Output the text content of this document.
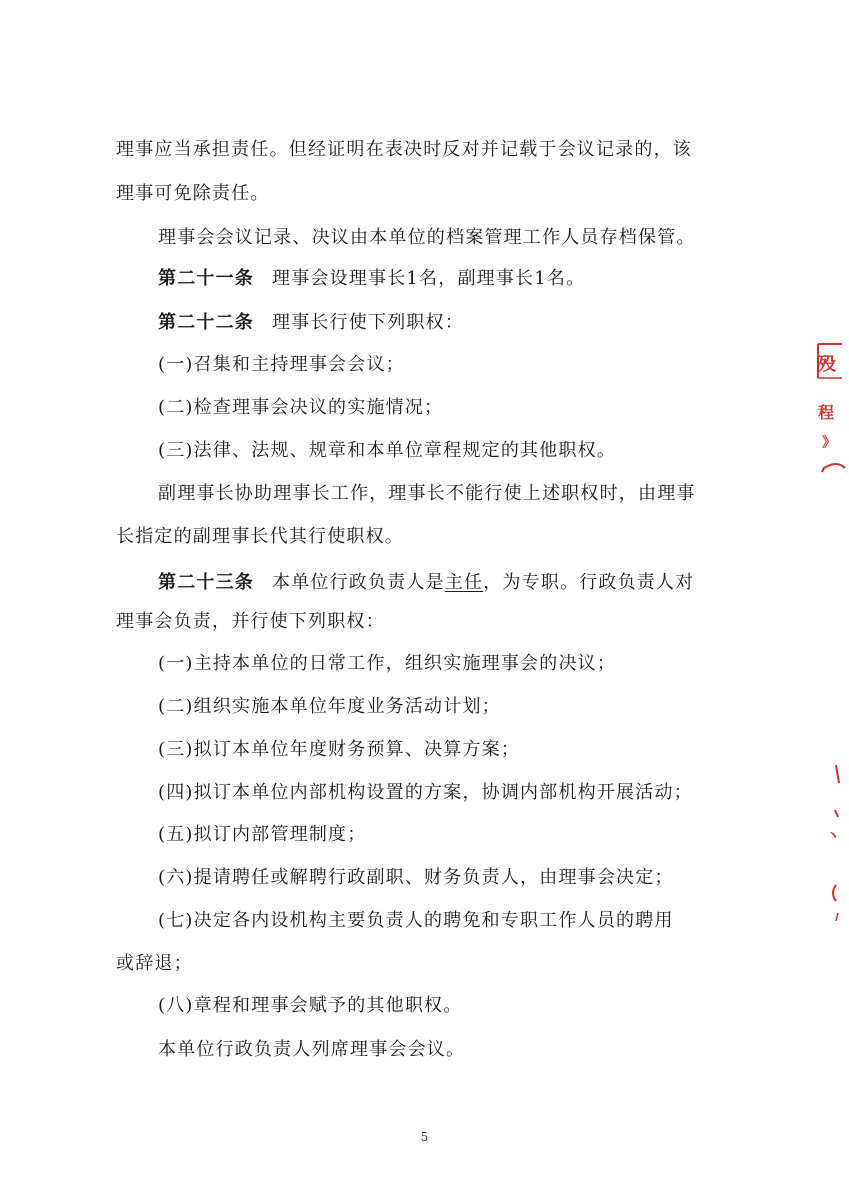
理事应当承担责任。但经证明在表决时反对并记载于会议记录的，该
理事可免除责任。
理事会会议记录、决议由本单位的档案管理工作人员存档保管。
第二十一条 理事会设理事长1名，副理事长1名。
第二十二条 理事长行使下列职权：
(一)召集和主持理事会会议；
(二)检查理事会决议的实施情况；
(三)法律、法规、规章和本单位章程规定的其他职权。
副理事长协助理事长工作，理事长不能行使上述职权时，由理事
长指定的副理事长代其行使职权。
第二十三条 本单位行政负责人是主任，为专职。行政负责人对
理事会负责，并行使下列职权：
(一)主持本单位的日常工作，组织实施理事会的决议；
(二)组织实施本单位年度业务活动计划；
(三)拟订本单位年度财务预算、决算方案；
(四)拟订本单位内部机构设置的方案，协调内部机构开展活动；
(五)拟订内部管理制度；
(六)提请聘任或解聘行政副职、财务负责人，由理事会决定；
(七)决定各内设机构主要负责人的聘免和专职工作人员的聘用
或辞退；
(八)章程和理事会赋予的其他职权。
本单位行政负责人列席理事会会议。
5
殁
程
》
丶
